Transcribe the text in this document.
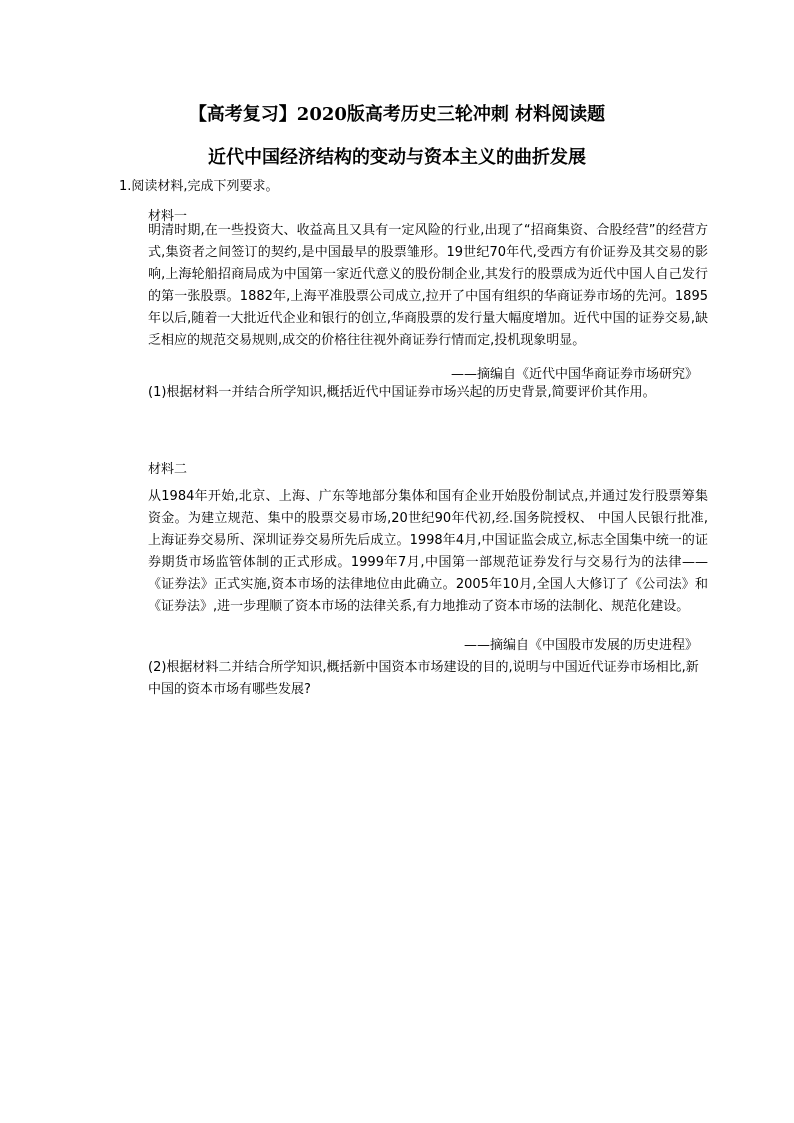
【高考复习】2020版高考历史三轮冲刺 材料阅读题
近代中国经济结构的变动与资本主义的曲折发展
1.阅读材料,完成下列要求。
材料一

明清时期,在一些投资大、收益高且又具有一定风险的行业,出现了“招商集资、合股经营”的经营方式,集资者之间签订的契约,是中国最早的股票雏形。19世纪70年代,受西方有价证券及其交易的影响,上海轮船招商局成为中国第一家近代意义的股份制企业,其发行的股票成为近代中国人自己发行的第一张股票。1882年,上海平准股票公司成立,拉开了中国有组织的华商证券市场的先河。1895年以后,随着一大批近代企业和银行的创立,华商股票的发行量大幅度增加。近代中国的证券交易,缺乏相应的规范交易规则,成交的价格往往视外商证券行情而定,投机现象明显。

——摘编自《近代中国华商证券市场研究》

(1)根据材料一并结合所学知识,概括近代中国证券市场兴起的历史背景,简要评价其作用。

材料二

从1984年开始,北京、上海、广东等地部分集体和国有企业开始股份制试点,并通过发行股票筹集资金。为建立规范、集中的股票交易市场,20世纪90年代初,经.国务院授权、 中国人民银行批准,上海证券交易所、深圳证券交易所先后成立。1998年4月,中国证监会成立,标志全国集中统一的证券期货市场监管体制的正式形成。1999年7月,中国第一部规范证券发行与交易行为的法律——《证券法》正式实施,资本市场的法律地位由此确立。2005年10月,全国人大修订了《公司法》和《证券法》,进一步理顺了资本市场的法律关系,有力地推动了资本市场的法制化、规范化建设。

——摘编自《中国股市发展的历史进程》

(2)根据材料二并结合所学知识,概括新中国资本市场建设的目的,说明与中国近代证券市场相比,新中国的资本市场有哪些发展?
